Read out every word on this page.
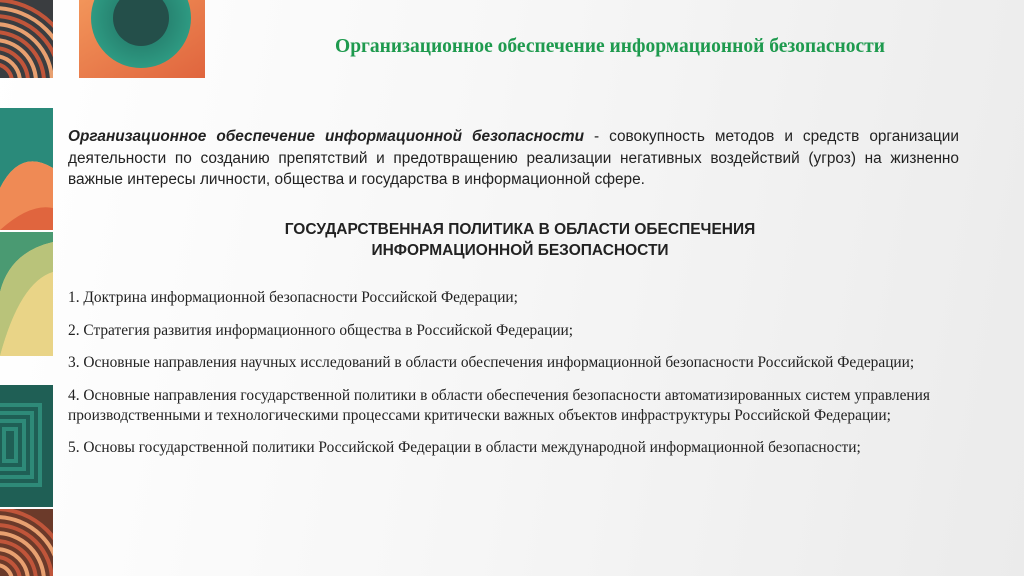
Организационное обеспечение информационной безопасности

Организационное обеспечение информационной безопасности - совокупность методов и средств организации деятельности по созданию препятствий и предотвращению реализации негативных воздействий (угроз) на жизненно важные интересы личности, общества и государства в информационной сфере.

ГОСУДАРСТВЕННАЯ ПОЛИТИКА В ОБЛАСТИ ОБЕСПЕЧЕНИЯ
ИНФОРМАЦИОННОЙ БЕЗОПАСНОСТИ

1. Доктрина информационной безопасности Российской Федерации;

2. Стратегия развития информационного общества в Российской Федерации;

3. Основные направления научных исследований в области обеспечения информационной безопасности Российской Федерации;

4. Основные направления государственной политики в области обеспечения безопасности автоматизированных систем управления производственными и технологическими процессами критически важных объектов инфраструктуры Российской Федерации;

5. Основы государственной политики Российской Федерации в области международной информационной безопасности;
